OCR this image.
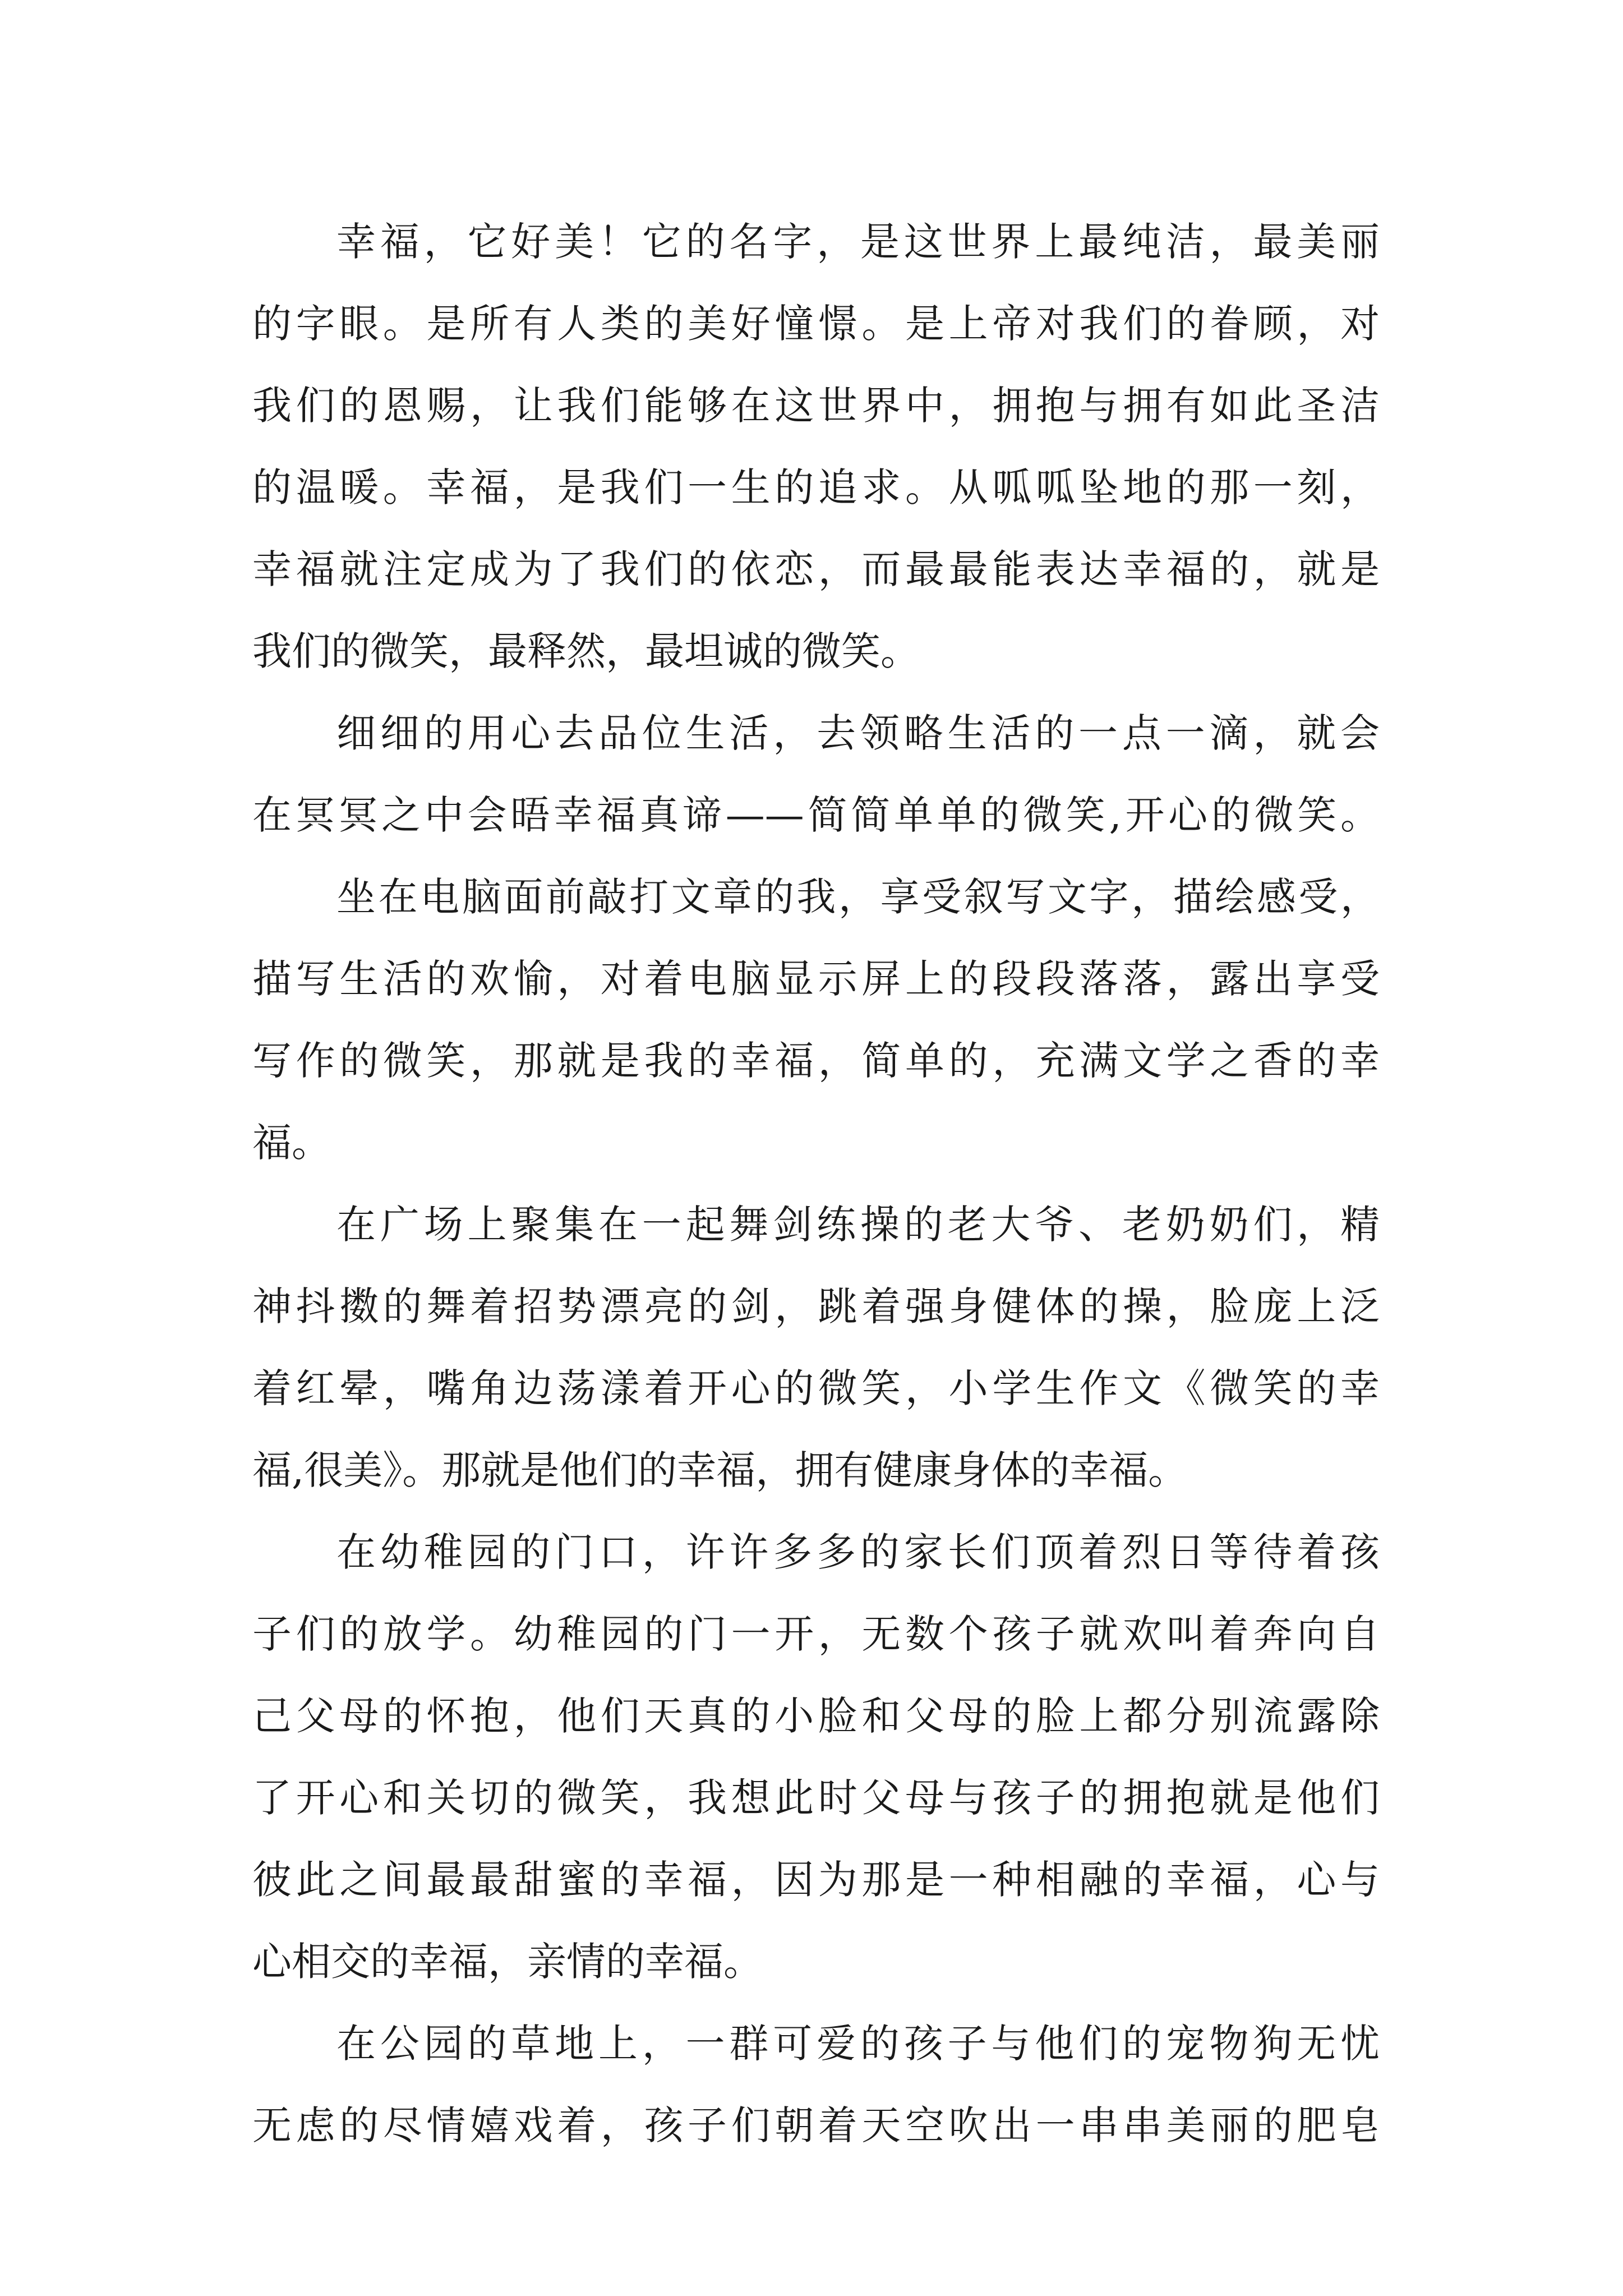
幸福，它好美！它的名字，是这世界上最纯洁，最美丽
的字眼。是所有人类的美好憧憬。是上帝对我们的眷顾，对
我们的恩赐，让我们能够在这世界中，拥抱与拥有如此圣洁
的温暖。幸福，是我们一生的追求。从呱呱坠地的那一刻，
幸福就注定成为了我们的依恋，而最最能表达幸福的，就是
我们的微笑，最释然，最坦诚的微笑。
细细的用心去品位生活，去领略生活的一点一滴，就会
在冥冥之中会晤幸福真谛——简简单单的微笑,开心的微笑。
坐在电脑面前敲打文章的我，享受叙写文字，描绘感受，
描写生活的欢愉，对着电脑显示屏上的段段落落，露出享受
写作的微笑，那就是我的幸福，简单的，充满文学之香的幸
福。
在广场上聚集在一起舞剑练操的老大爷、老奶奶们，精
神抖擞的舞着招势漂亮的剑，跳着强身健体的操，脸庞上泛
着红晕，嘴角边荡漾着开心的微笑，小学生作文《微笑的幸
福,很美》。那就是他们的幸福，拥有健康身体的幸福。
在幼稚园的门口，许许多多的家长们顶着烈日等待着孩
子们的放学。幼稚园的门一开，无数个孩子就欢叫着奔向自
己父母的怀抱，他们天真的小脸和父母的脸上都分别流露除
了开心和关切的微笑，我想此时父母与孩子的拥抱就是他们
彼此之间最最甜蜜的幸福，因为那是一种相融的幸福，心与
心相交的幸福，亲情的幸福。
在公园的草地上，一群可爱的孩子与他们的宠物狗无忧
无虑的尽情嬉戏着，孩子们朝着天空吹出一串串美丽的肥皂
